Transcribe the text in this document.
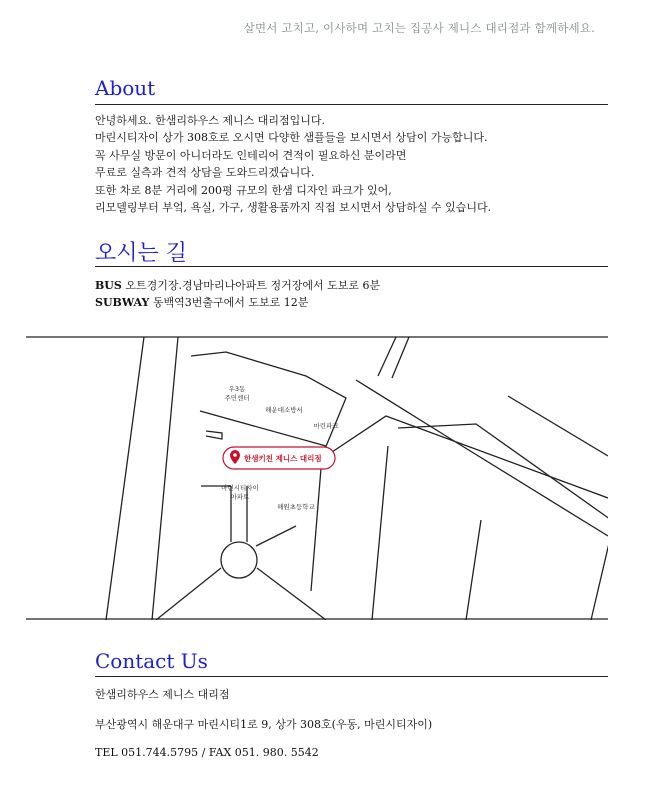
살면서 고치고, 이사하며 고치는 집공사 제니스 대리점과 함께하세요.
About

안녕하세요. 한샘리하우스 제니스 대리점입니다.

마린시티자이 상가 308호로 오시면 다양한 샘플들을 보시면서 상담이 가능합니다.

꼭 사무실 방문이 아니더라도 인테리어 견적이 필요하신 분이라면

무료로 실측과 견적 상담을 도와드리겠습니다.

또한 차로 8분 거리에 200평 규모의 한샘 디자인 파크가 있어,

리모델링부터 부엌, 욕실, 가구, 생활용품까지 직접 보시면서 상담하실 수 있습니다.

오시는 길
BUS 오트경기장.경남마리나아파트 정거장에서 도보로 6분
SUBWAY 동백역3번출구에서 도보로 12분
우3동
주민센터
해운대소방서
마린파크
마린시티자이
아파트
해원초등학교
한샘키친 제니스 대리점
Contact Us
한샘리하우스 제니스 대리점
부산광역시 해운대구 마린시티1로 9, 상가 308호(우동, 마린시티자이)
TEL 051.744.5795 / FAX 051. 980. 5542
